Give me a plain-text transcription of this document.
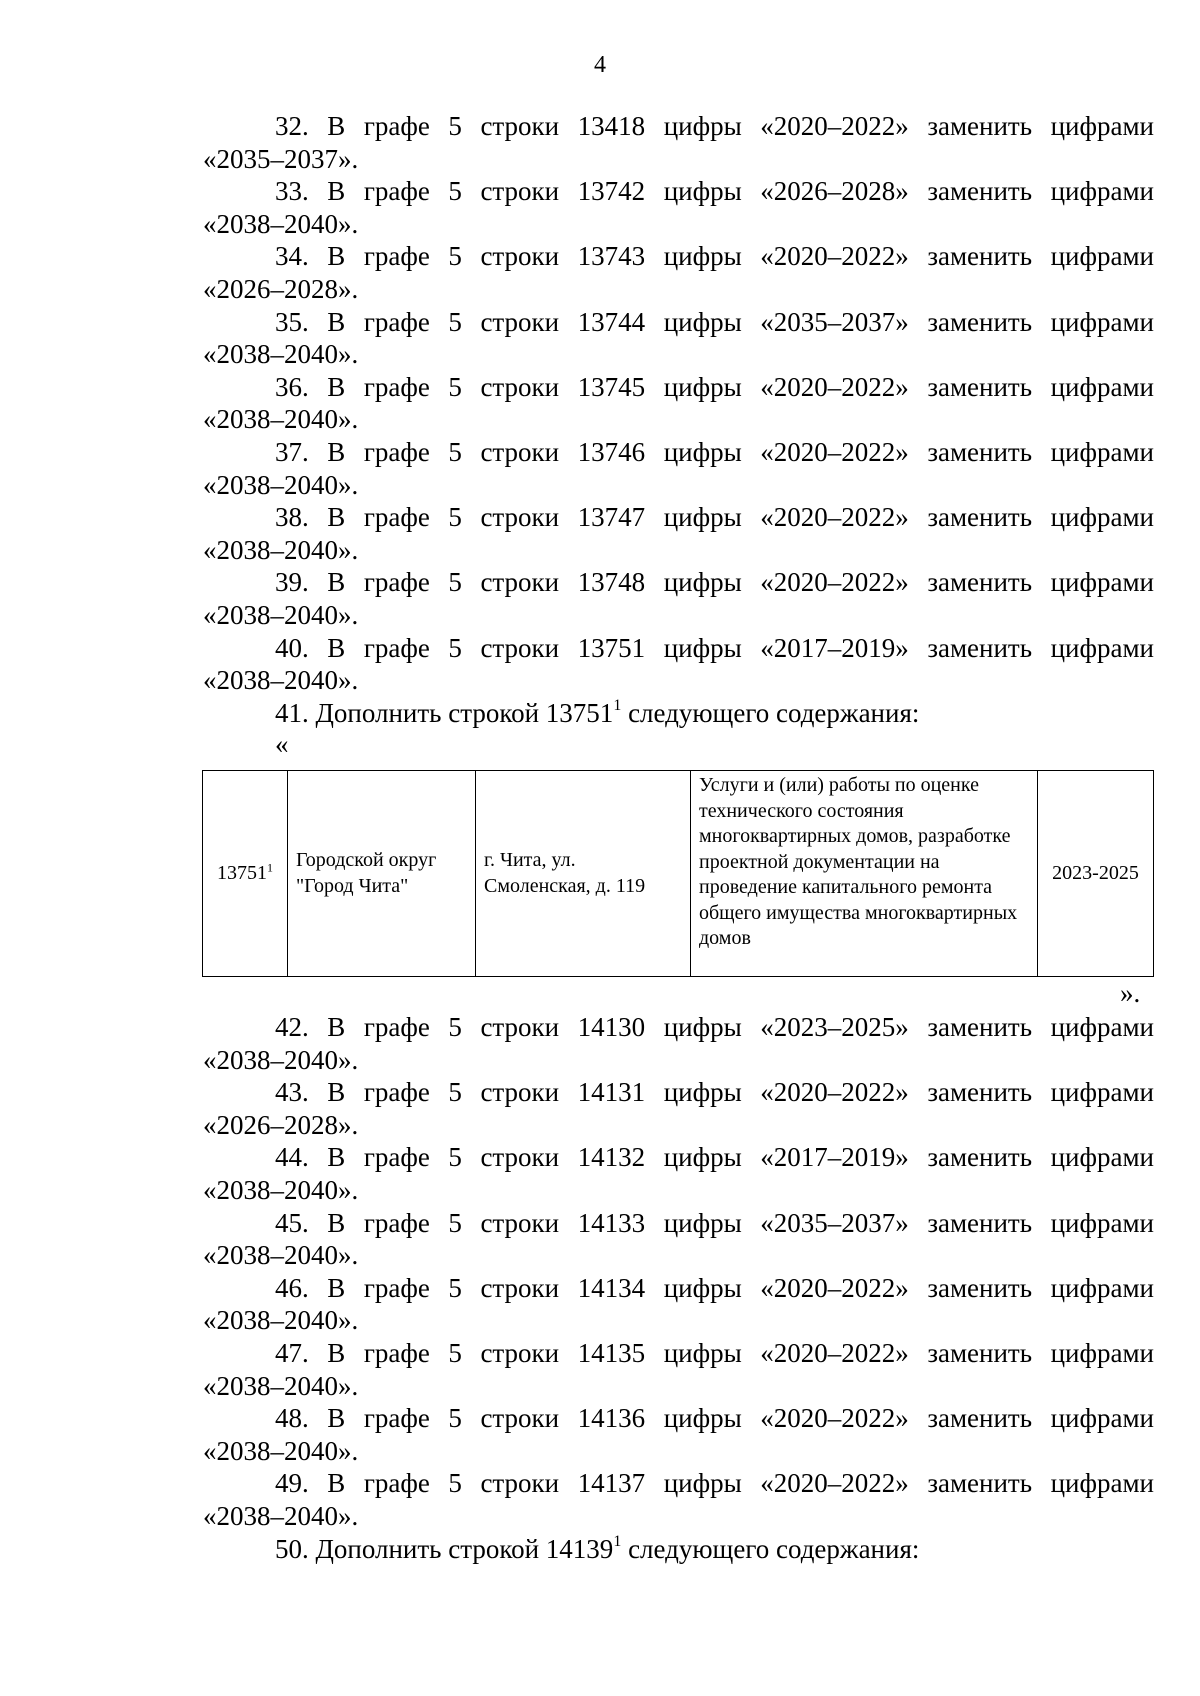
4
32. В графе 5 строки 13418 цифры «2020–2022» заменить цифрами
«2035–2037».
33. В графе 5 строки 13742 цифры «2026–2028» заменить цифрами
«2038–2040».
34. В графе 5 строки 13743 цифры «2020–2022» заменить цифрами
«2026–2028».
35. В графе 5 строки 13744 цифры «2035–2037» заменить цифрами
«2038–2040».
36. В графе 5 строки 13745 цифры «2020–2022» заменить цифрами
«2038–2040».
37. В графе 5 строки 13746 цифры «2020–2022» заменить цифрами
«2038–2040».
38. В графе 5 строки 13747 цифры «2020–2022» заменить цифрами
«2038–2040».
39. В графе 5 строки 13748 цифры «2020–2022» заменить цифрами
«2038–2040».
40. В графе 5 строки 13751 цифры «2017–2019» заменить цифрами
«2038–2040».
41. Дополнить строкой 13751$^1$ следующего содержания:
«
13751$^1$	Городской округ "Город Чита"	г. Чита, ул. Смоленская, д. 119	Услуги и (или) работы по оценке технического состояния многоквартирных домов, разработке проектной документации на проведение капитального ремонта общего имущества многоквартирных домов	2023-2025
».
42. В графе 5 строки 14130 цифры «2023–2025» заменить цифрами
«2038–2040».
43. В графе 5 строки 14131 цифры «2020–2022» заменить цифрами
«2026–2028».
44. В графе 5 строки 14132 цифры «2017–2019» заменить цифрами
«2038–2040».
45. В графе 5 строки 14133 цифры «2035–2037» заменить цифрами
«2038–2040».
46. В графе 5 строки 14134 цифры «2020–2022» заменить цифрами
«2038–2040».
47. В графе 5 строки 14135 цифры «2020–2022» заменить цифрами
«2038–2040».
48. В графе 5 строки 14136 цифры «2020–2022» заменить цифрами
«2038–2040».
49. В графе 5 строки 14137 цифры «2020–2022» заменить цифрами
«2038–2040».
50. Дополнить строкой 14139$^1$ следующего содержания:
